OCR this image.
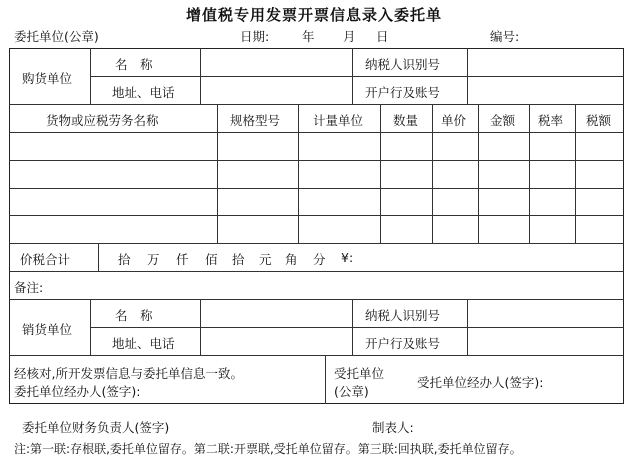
增值税专用发票开票信息录入委托单
委托单位(公章)	日期:	年 月 日	编号:
购货单位
名　称	纳税人识别号
地址、电话	开户行及账号
货物或应税劳务名称	规格型号	计量单位 数量 单价 金额 税率 税额
价税合计	拾 万 仟 佰 拾 元 角 分 ¥:
备注:
销货单位
名　称	纳税人识别号
地址、电话	开户行及账号
经核对,所开发票信息与委托单信息一致。
委托单位经办人(签字):
受托单位
(公章)
受托单位经办人(签字):
委托单位财务负责人(签字)	制表人:
注:第一联:存根联,委托单位留存。第二联:开票联,受托单位留存。第三联:回执联,委托单位留存。
